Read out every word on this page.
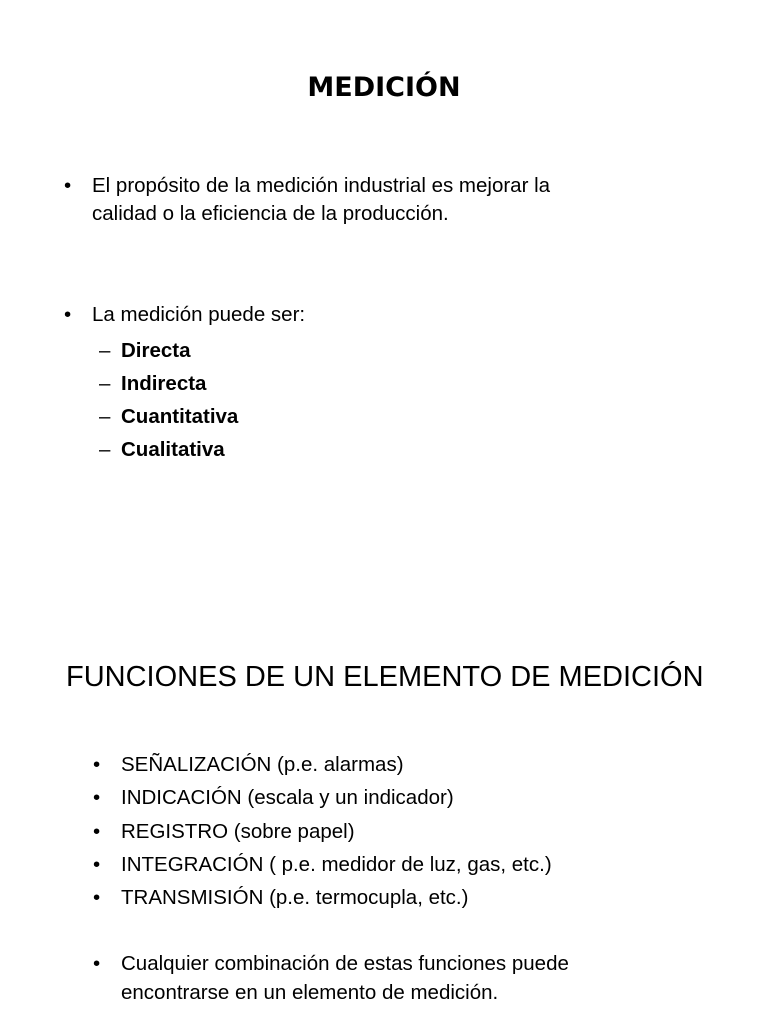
MEDICIÓN
• El propósito de la medición industrial es mejorar la
calidad o la eficiencia de la producción.
• La medición puede ser:
– Directa
– Indirecta
– Cuantitativa
– Cualitativa
FUNCIONES DE UN ELEMENTO DE MEDICIÓN
• SEÑALIZACIÓN (p.e. alarmas)
• INDICACIÓN (escala y un indicador)
• REGISTRO (sobre papel)
• INTEGRACIÓN ( p.e. medidor de luz, gas, etc.)
• TRANSMISIÓN (p.e. termocupla, etc.)
• Cualquier combinación de estas funciones puede
encontrarse en un elemento de medición.
